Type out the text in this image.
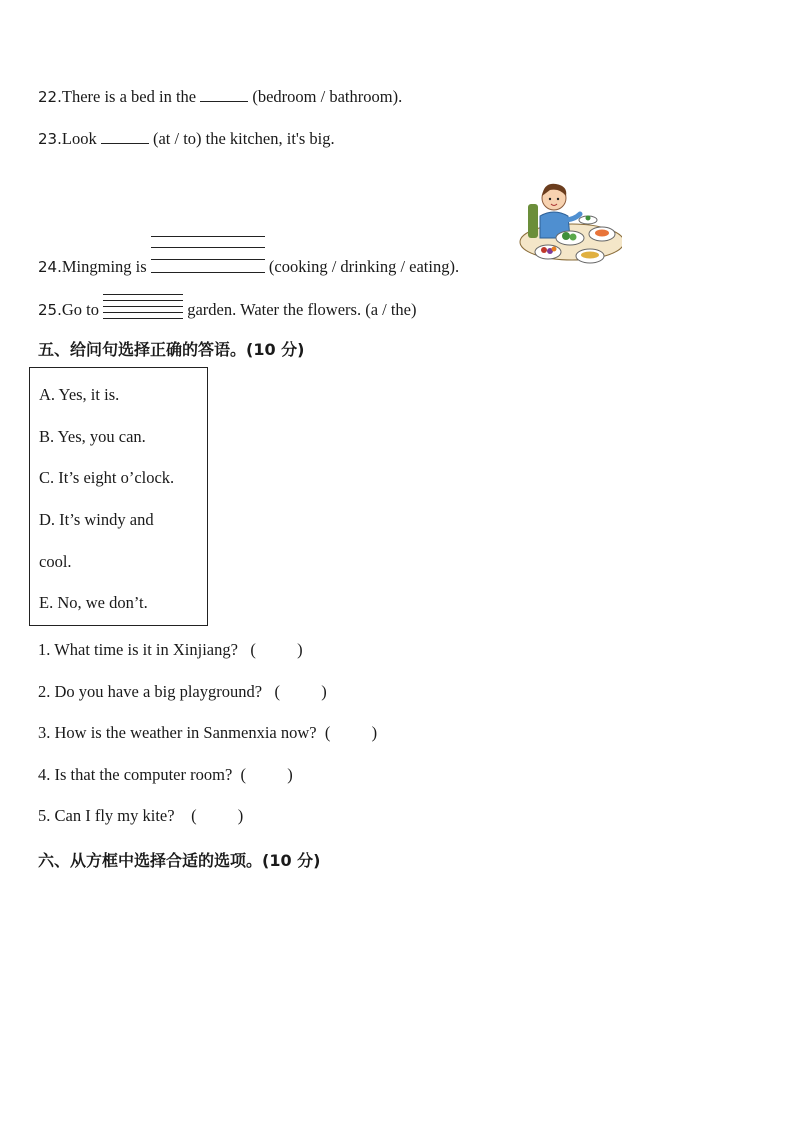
22.There is a bed in the	(bedroom / bathroom).
23.Look	(at / to) the kitchen, it's big.
24.Mingming is	(cooking / drinking / eating).
25.Go to	garden. Water the flowers. (a / the)
五、给问句选择正确的答语。(10 分)
A. Yes, it is.
B. Yes, you can.
C. It’s eight o’clock.
D. It’s windy and
cool.
E. No, we don’t.
1. What time is it in Xinjiang? (          )
2. Do you have a big playground? (          )
3. How is the weather in Sanmenxia now? (          )
4. Is that the computer room? (          )
5. Can I fly my kite? (          )
六、从方框中选择合适的选项。(10 分)
